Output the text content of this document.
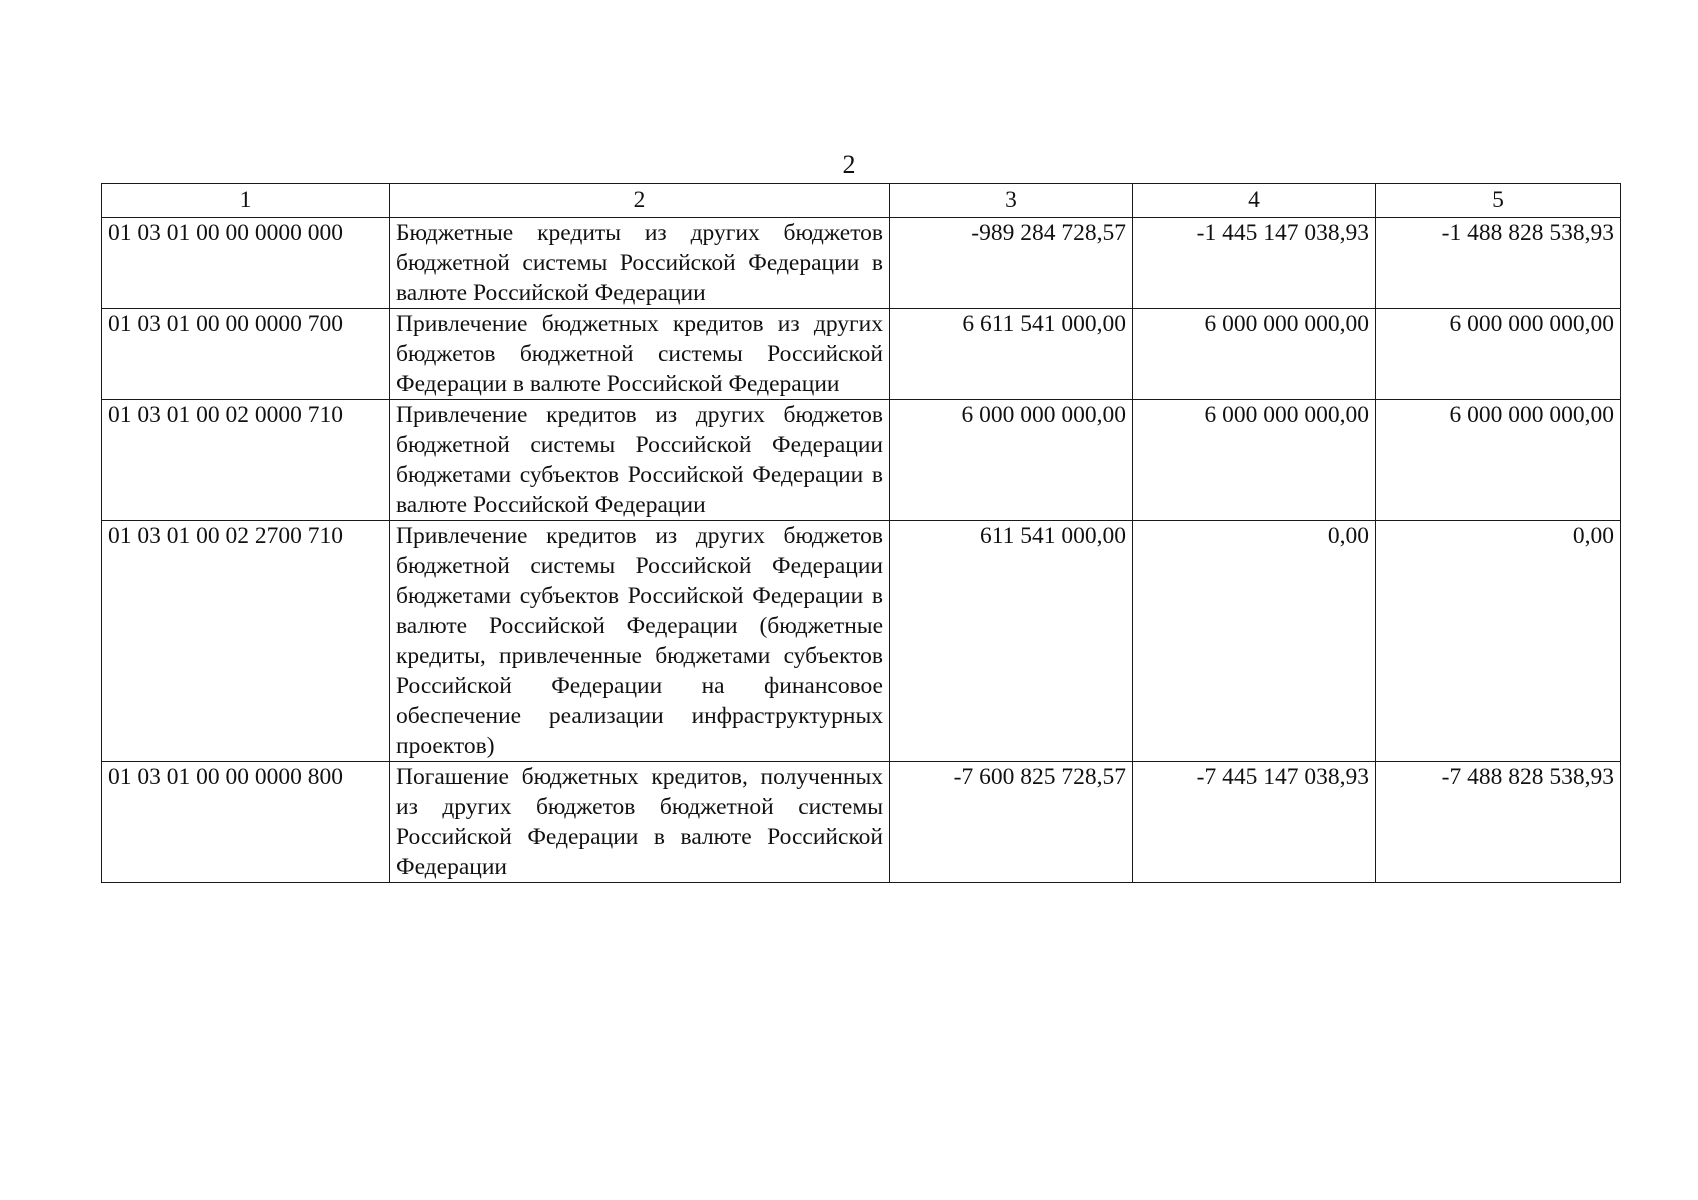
2
1	2	3	4	5
01 03 01 00 00 0000 000	Бюджетные кредиты из других бюджетов бюджетной системы Российской Федерации в валюте Российской Федерации	-989 284 728,57	-1 445 147 038,93	-1 488 828 538,93
01 03 01 00 00 0000 700	Привлечение бюджетных кредитов из других бюджетов бюджетной системы Российской Федерации в валюте Российской Федерации	6 611 541 000,00	6 000 000 000,00	6 000 000 000,00
01 03 01 00 02 0000 710	Привлечение кредитов из других бюджетов бюджетной системы Российской Федерации бюджетами субъектов Российской Федерации в валюте Российской Федерации	6 000 000 000,00	6 000 000 000,00	6 000 000 000,00
01 03 01 00 02 2700 710	Привлечение кредитов из других бюджетов бюджетной системы Российской Федерации бюджетами субъектов Российской Федерации в валюте Российской Федерации (бюджетные кредиты, привлеченные бюджетами субъектов Российской Федерации на финансовое обеспечение реализации инфраструктурных проектов)	611 541 000,00	0,00	0,00
01 03 01 00 00 0000 800	Погашение бюджетных кредитов, полученных из других бюджетов бюджетной системы Российской Федерации в валюте Российской Федерации	-7 600 825 728,57	-7 445 147 038,93	-7 488 828 538,93
